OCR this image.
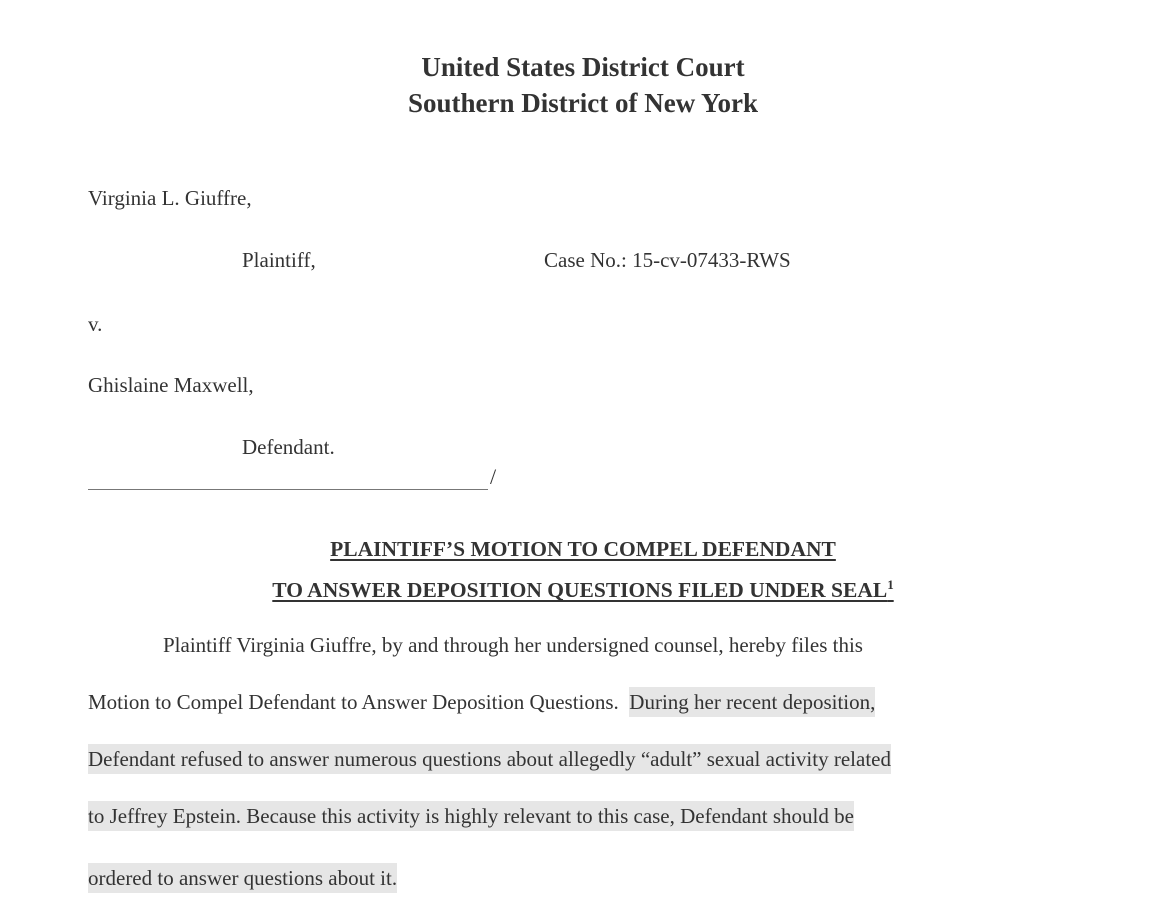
United States District Court
Southern District of New York
Virginia L. Giuffre,
Plaintiff,	Case No.: 15-cv-07433-RWS
v.
Ghislaine Maxwell,
Defendant.
/
PLAINTIFF’S MOTION TO COMPEL DEFENDANT
TO ANSWER DEPOSITION QUESTIONS FILED UNDER SEAL$^1$
Plaintiff Virginia Giuffre, by and through her undersigned counsel, hereby files this
Motion to Compel Defendant to Answer Deposition Questions. During her recent deposition,
Defendant refused to answer numerous questions about allegedly “adult” sexual activity related
to Jeffrey Epstein. Because this activity is highly relevant to this case, Defendant should be
ordered to answer questions about it.
